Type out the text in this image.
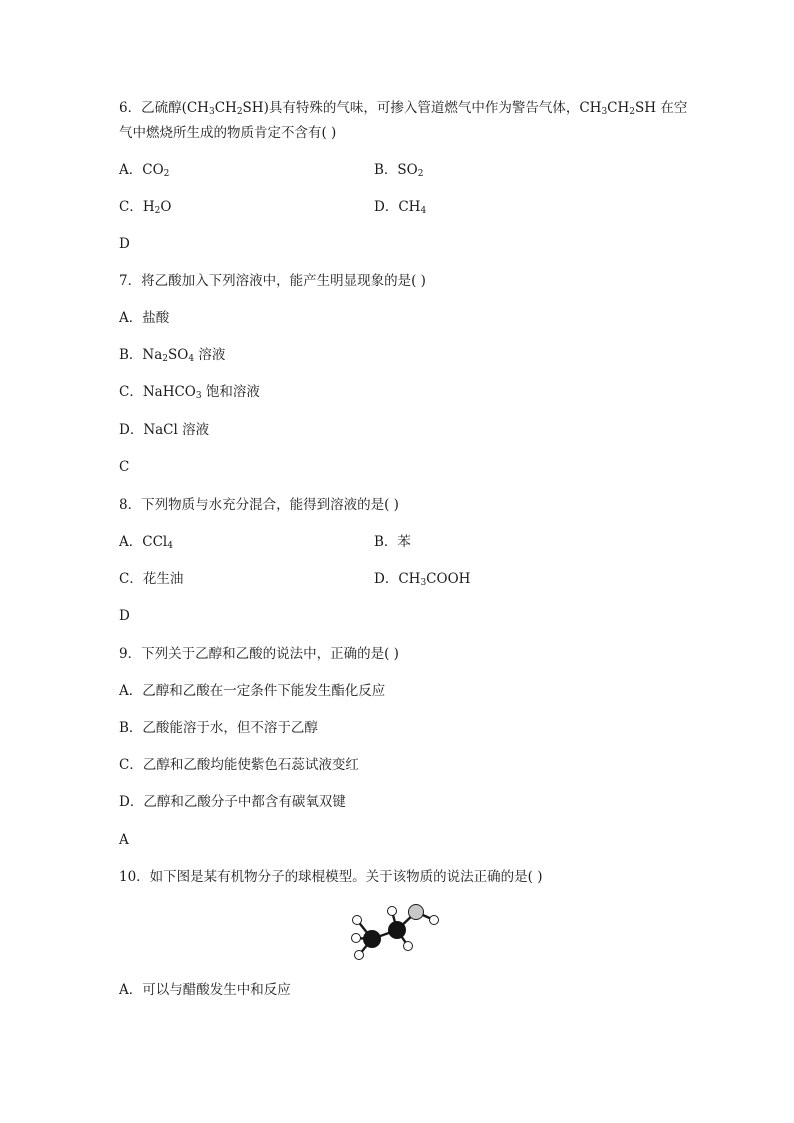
6．乙硫醇$(CH_3CH_2SH)$具有特殊的气味，可掺入管道燃气中作为警告气体，$CH_3CH_2SH$ 在空
气中燃烧所生成的物质肯定不含有( )
A．$CO_2$	B．$SO_2$
C．$H_2O$	D．$CH_4$
D
7．将乙酸加入下列溶液中，能产生明显现象的是( )
A．盐酸
B．$Na_2SO_4$ 溶液
C．NaHCO$_3$ 饱和溶液
D．NaCl 溶液
C
8．下列物质与水充分混合，能得到溶液的是( )
A．CCl$_4$	B．苯
C．花生油	D．$CH_3COOH$
D
9．下列关于乙醇和乙酸的说法中，正确的是( )
A．乙醇和乙酸在一定条件下能发生酯化反应
B．乙酸能溶于水，但不溶于乙醇
C．乙醇和乙酸均能使紫色石蕊试液变红
D．乙醇和乙酸分子中都含有碳氧双键
A
10．如下图是某有机物分子的球棍模型。关于该物质的说法正确的是( )
A．可以与醋酸发生中和反应
